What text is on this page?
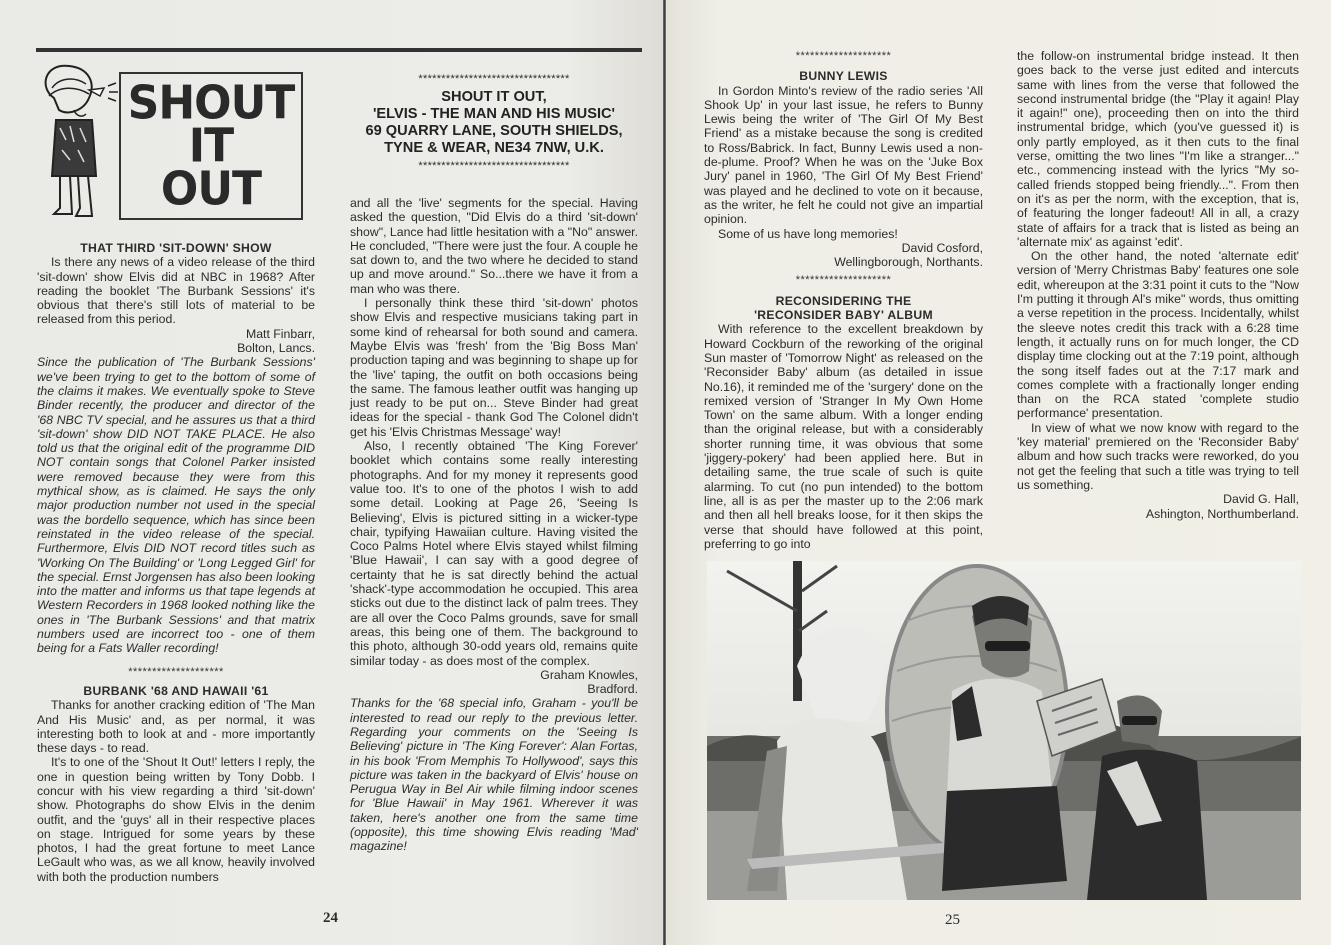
SHOUT
IT
OUT
*********************************
SHOUT IT OUT,
'ELVIS - THE MAN AND HIS MUSIC'
69 QUARRY LANE, SOUTH SHIELDS,
TYNE & WEAR, NE34 7NW, U.K.
*********************************

THAT THIRD 'SIT-DOWN' SHOW

Is there any news of a video release of the third 'sit-down' show Elvis did at NBC in 1968? After reading the booklet 'The Burbank Sessions' it's obvious that there's still lots of material to be released from this period.

Matt Finbarr,

Bolton, Lancs.

Since the publication of 'The Burbank Sessions' we've been trying to get to the bottom of some of the claims it makes. We eventually spoke to Steve Binder recently, the producer and director of the '68 NBC TV special, and he assures us that a third 'sit-down' show DID NOT TAKE PLACE. He also told us that the original edit of the programme DID NOT contain songs that Colonel Parker insisted were removed because they were from this mythical show, as is claimed. He says the only major production number not used in the special was the bordello sequence, which has since been reinstated in the video release of the special. Furthermore, Elvis DID NOT record titles such as 'Working On The Building' or 'Long Legged Girl' for the special. Ernst Jorgensen has also been looking into the matter and informs us that tape legends at Western Recorders in 1968 looked nothing like the ones in 'The Burbank Sessions' and that matrix numbers used are incorrect too - one of them being for a Fats Waller recording!

********************

BURBANK '68 AND HAWAII '61

Thanks for another cracking edition of 'The Man And His Music' and, as per normal, it was interesting both to look at and - more importantly these days - to read.

It's to one of the 'Shout It Out!' letters I reply, the one in question being written by Tony Dobb. I concur with his view regarding a third 'sit-down' show. Photographs do show Elvis in the denim outfit, and the 'guys' all in their respective places on stage. Intrigued for some years by these photos, I had the great fortune to meet Lance LeGault who was, as we all know, heavily involved with both the production numbers

and all the 'live' segments for the special. Having asked the question, "Did Elvis do a third 'sit-down' show", Lance had little hesitation with a "No" answer. He concluded, "There were just the four. A couple he sat down to, and the two where he decided to stand up and move around." So...there we have it from a man who was there.

I personally think these third 'sit-down' photos show Elvis and respective musicians taking part in some kind of rehearsal for both sound and camera. Maybe Elvis was 'fresh' from the 'Big Boss Man' production taping and was beginning to shape up for the 'live' taping, the outfit on both occasions being the same. The famous leather outfit was hanging up just ready to be put on... Steve Binder had great ideas for the special - thank God The Colonel didn't get his 'Elvis Christmas Message' way!

Also, I recently obtained 'The King Forever' booklet which contains some really interesting photographs. And for my money it represents good value too. It's to one of the photos I wish to add some detail. Looking at Page 26, 'Seeing Is Believing', Elvis is pictured sitting in a wicker-type chair, typifying Hawaiian culture. Having visited the Coco Palms Hotel where Elvis stayed whilst filming 'Blue Hawaii', I can say with a good degree of certainty that he is sat directly behind the actual 'shack'-type accommodation he occupied. This area sticks out due to the distinct lack of palm trees. They are all over the Coco Palms grounds, save for small areas, this being one of them. The background to this photo, although 30-odd years old, remains quite similar today - as does most of the complex.

Graham Knowles,

Bradford.

Thanks for the '68 special info, Graham - you'll be interested to read our reply to the previous letter. Regarding your comments on the 'Seeing Is Believing' picture in 'The King Forever': Alan Fortas, in his book 'From Memphis To Hollywood', says this picture was taken in the backyard of Elvis' house on Perugua Way in Bel Air while filming indoor scenes for 'Blue Hawaii' in May 1961. Wherever it was taken, here's another one from the same time (opposite), this time showing Elvis reading 'Mad' magazine!

24

********************

BUNNY LEWIS

In Gordon Minto's review of the radio series 'All Shook Up' in your last issue, he refers to Bunny Lewis being the writer of 'The Girl Of My Best Friend' as a mistake because the song is credited to Ross/Babrick. In fact, Bunny Lewis used a non-de-plume. Proof? When he was on the 'Juke Box Jury' panel in 1960, 'The Girl Of My Best Friend' was played and he declined to vote on it because, as the writer, he felt he could not give an impartial opinion.

Some of us have long memories!

David Cosford,

Wellingborough, Northants.

********************

RECONSIDERING THE

'RECONSIDER BABY' ALBUM

With reference to the excellent breakdown by Howard Cockburn of the reworking of the original Sun master of 'Tomorrow Night' as released on the 'Reconsider Baby' album (as detailed in issue No.16), it reminded me of the 'surgery' done on the remixed version of 'Stranger In My Own Home Town' on the same album. With a longer ending than the original release, but with a considerably shorter running time, it was obvious that some 'jiggery-pokery' had been applied here. But in detailing same, the true scale of such is quite alarming. To cut (no pun intended) to the bottom line, all is as per the master up to the 2:06 mark and then all hell breaks loose, for it then skips the verse that should have followed at this point, preferring to go into

the follow-on instrumental bridge instead. It then goes back to the verse just edited and intercuts same with lines from the verse that followed the second instrumental bridge (the "Play it again! Play it again!" one), proceeding then on into the third instrumental bridge, which (you've guessed it) is only partly employed, as it then cuts to the final verse, omitting the two lines "I'm like a stranger..." etc., commencing instead with the lyrics "My so-called friends stopped being friendly...". From then on it's as per the norm, with the exception, that is, of featuring the longer fadeout! All in all, a crazy state of affairs for a track that is listed as being an 'alternate mix' as against 'edit'.

On the other hand, the noted 'alternate edit' version of 'Merry Christmas Baby' features one sole edit, whereupon at the 3:31 point it cuts to the "Now I'm putting it through Al's mike" words, thus omitting a verse repetition in the process. Incidentally, whilst the sleeve notes credit this track with a 6:28 time length, it actually runs on for much longer, the CD display time clocking out at the 7:19 point, although the song itself fades out at the 7:17 mark and comes complete with a fractionally longer ending than on the RCA stated 'complete studio performance' presentation.

In view of what we now know with regard to the 'key material' premiered on the 'Reconsider Baby' album and how such tracks were reworked, do you not get the feeling that such a title was trying to tell us something.

David G. Hall,

Ashington, Northumberland.

25
